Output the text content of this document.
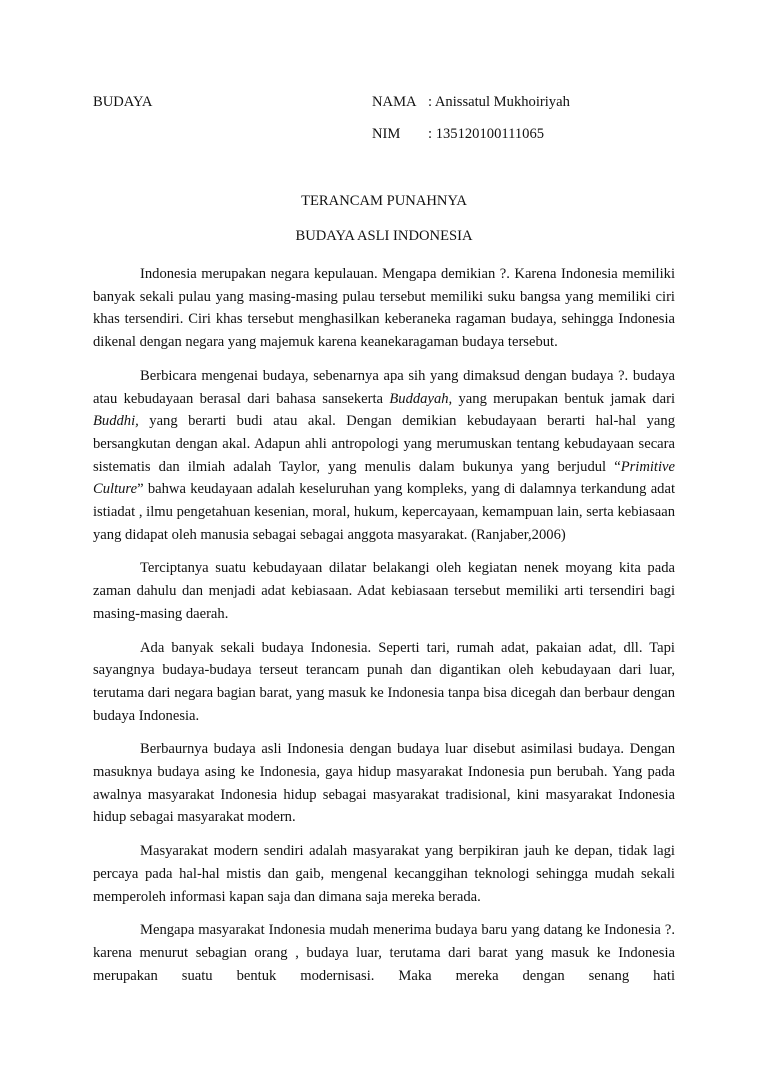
BUDAYA	NAMA : Anissatul Mukhoiriyah
NIM : 135120100111065
TERANCAM PUNAHNYA
BUDAYA ASLI INDONESIA

Indonesia merupakan negara kepulauan. Mengapa demikian ?. Karena Indonesia memiliki banyak sekali pulau yang masing-masing pulau tersebut memiliki suku bangsa yang memiliki ciri khas tersendiri. Ciri khas tersebut menghasilkan keberaneka ragaman budaya, sehingga Indonesia dikenal dengan negara yang majemuk karena keanekaragaman budaya tersebut.

Berbicara mengenai budaya, sebenarnya apa sih yang dimaksud dengan budaya ?. budaya atau kebudayaan berasal dari bahasa sansekerta Buddayah, yang merupakan bentuk jamak dari Buddhi, yang berarti budi atau akal. Dengan demikian kebudayaan berarti hal-hal yang bersangkutan dengan akal. Adapun ahli antropologi yang merumuskan tentang kebudayaan secara sistematis dan ilmiah adalah Taylor, yang menulis dalam bukunya yang berjudul “Primitive Culture” bahwa keudayaan adalah keseluruhan yang kompleks, yang di dalamnya terkandung adat istiadat , ilmu pengetahuan kesenian, moral, hukum, kepercayaan, kemampuan lain, serta kebiasaan yang didapat oleh manusia sebagai sebagai anggota masyarakat. (Ranjaber,2006)

Terciptanya suatu kebudayaan dilatar belakangi oleh kegiatan nenek moyang kita pada zaman dahulu dan menjadi adat kebiasaan. Adat kebiasaan tersebut memiliki arti tersendiri bagi masing-masing daerah.

Ada banyak sekali budaya Indonesia. Seperti tari, rumah adat, pakaian adat, dll. Tapi sayangnya budaya-budaya terseut terancam punah dan digantikan oleh kebudayaan dari luar, terutama dari negara bagian barat, yang masuk ke Indonesia tanpa bisa dicegah dan berbaur dengan budaya Indonesia.

Berbaurnya budaya asli Indonesia dengan budaya luar disebut asimilasi budaya. Dengan masuknya budaya asing ke Indonesia, gaya hidup masyarakat Indonesia pun berubah. Yang pada awalnya masyarakat Indonesia hidup sebagai masyarakat tradisional, kini masyarakat Indonesia hidup sebagai masyarakat modern.

Masyarakat modern sendiri adalah masyarakat yang berpikiran jauh ke depan, tidak lagi percaya pada hal-hal mistis dan gaib, mengenal kecanggihan teknologi sehingga mudah sekali memperoleh informasi kapan saja dan dimana saja mereka berada.

Mengapa masyarakat Indonesia mudah menerima budaya baru yang datang ke Indonesia ?. karena menurut sebagian orang , budaya luar, terutama dari barat yang masuk ke Indonesia merupakan suatu bentuk modernisasi. Maka mereka dengan senang hati
